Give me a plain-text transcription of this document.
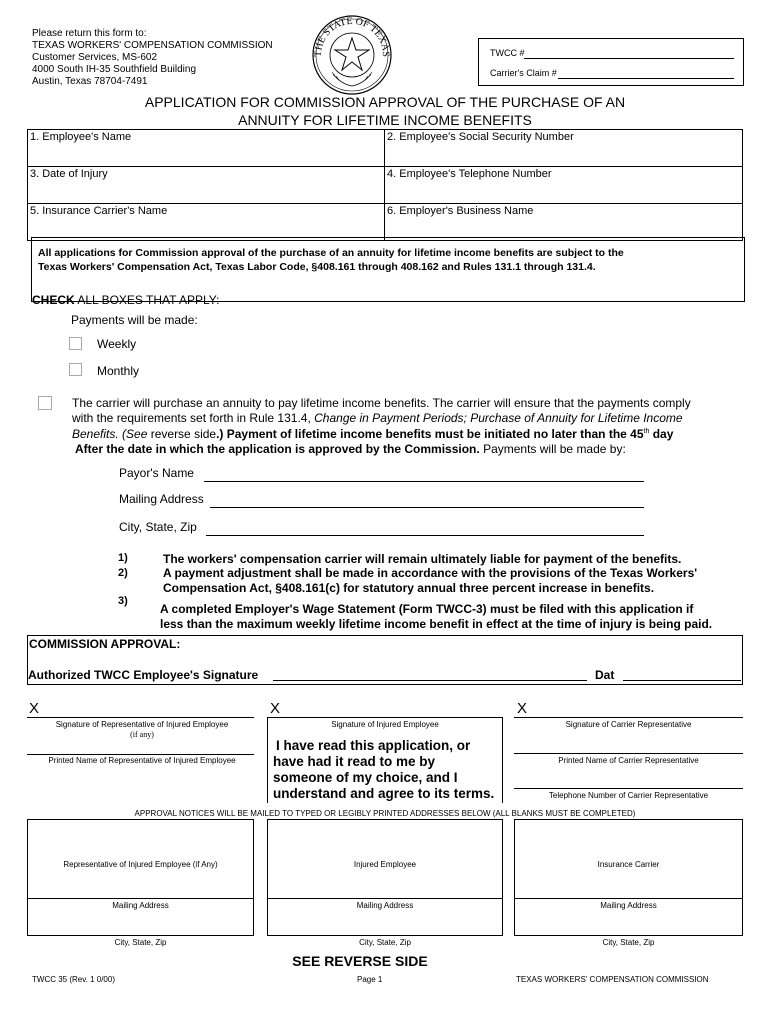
Please return this form to:
TEXAS WORKERS' COMPENSATION COMMISSION
Customer Services, MS-602
4000 South IH-35 Southfield Building
Austin, Texas 78704-7491
THE STATE OF TEXAS	TWCC #
Carrier's Claim #
APPLICATION FOR COMMISSION APPROVAL OF THE PURCHASE OF AN
ANNUITY FOR LIFETIME INCOME BENEFITS
1. Employee's Name	2. Employee's Social Security Number
3. Date of Injury	4. Employee's Telephone Number
5. Insurance Carrier's Name	6. Employer's Business Name
All applications for Commission approval of the purchase of an annuity for lifetime income benefits are subject to the
Texas Workers' Compensation Act, Texas Labor Code, §408.161 through 408.162 and Rules 131.1 through 131.4.
CHECK ALL BOXES THAT APPLY:
Payments will be made:
Weekly
Monthly
The carrier will purchase an annuity to pay lifetime income benefits. The carrier will ensure that the payments comply
with the requirements set forth in Rule 131.4, Change in Payment Periods; Purchase of Annuity for Lifetime Income
Benefits. (See reverse side.) Payment of lifetime income benefits must be initiated no later than the 45th day
After the date in which the application is approved by the Commission. Payments will be made by:
Payor's Name
Mailing Address
City, State, Zip
1)	The workers' compensation carrier will remain ultimately liable for payment of the benefits.
2)	A payment adjustment shall be made in accordance with the provisions of the Texas Workers'
Compensation Act, §408.161(c) for statutory annual three percent increase in benefits.
3)
A completed Employer's Wage Statement (Form TWCC-3) must be filed with this application if
less than the maximum weekly lifetime income benefit in effect at the time of injury is being paid.
COMMISSION APPROVAL:
Authorized TWCC Employee's Signature	Dat
X
Signature of Representative of Injured Employee
(if any)
Printed Name of Representative of Injured Employee
X
Signature of Injured Employee
I have read this application, or
have had it read to me by
someone of my choice, and I
understand and agree to its terms.
X
Signature of Carrier Representative
Printed Name of Carrier Representative
Telephone Number of Carrier Representative
APPROVAL NOTICES WILL BE MAILED TO TYPED OR LEGIBLY PRINTED ADDRESSES BELOW (ALL BLANKS MUST BE COMPLETED)
Representative of Injured Employee (if Any)
Mailing Address
City, State, Zip
Injured Employee
Mailing Address
City, State, Zip
Insurance Carrier
Mailing Address
City, State, Zip
SEE REVERSE SIDE
TWCC 35 (Rev. 1 0/00)	Page 1	TEXAS WORKERS' COMPENSATION COMMISSION
